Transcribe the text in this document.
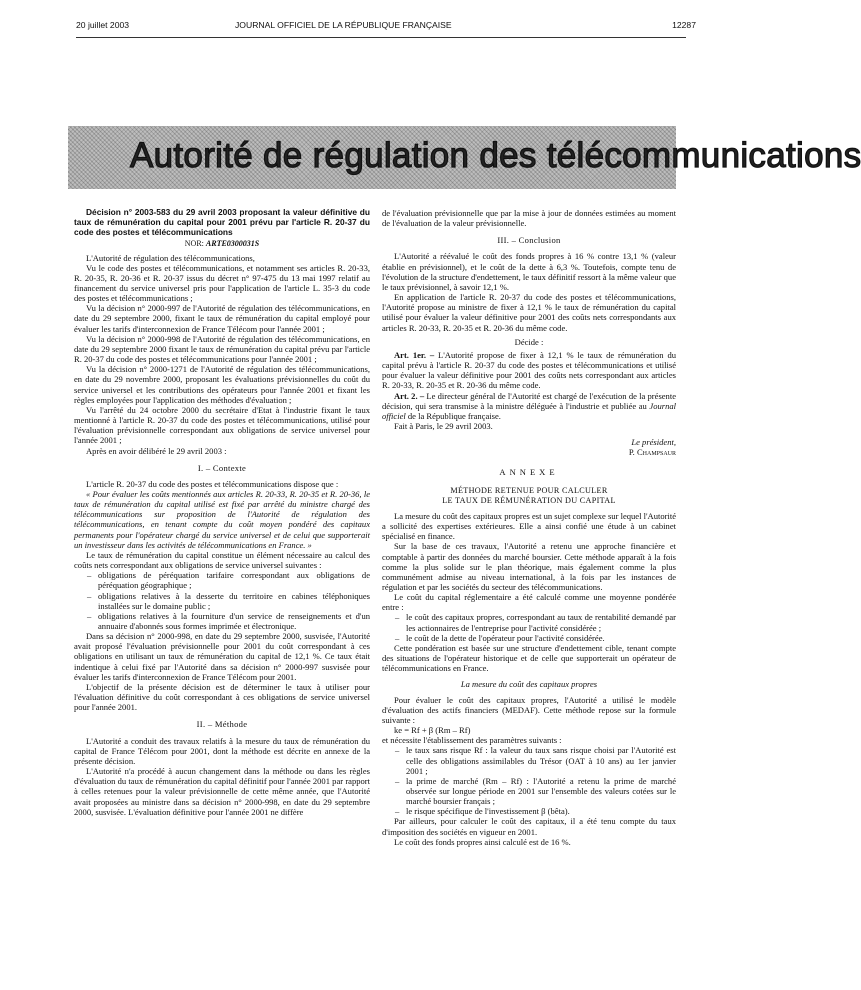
20 juillet 2003	JOURNAL OFFICIEL DE LA RÉPUBLIQUE FRANÇAISE	12287
Autorité de régulation des télécommunications

Décision n° 2003-583 du 29 avril 2003 proposant la valeur définitive du taux de rémunération du capital pour 2001 prévu par l'article R. 20-37 du code des postes et télécommunications

NOR: ARTE0300031S

L'Autorité de régulation des télécommunications,

Vu le code des postes et télécommunications, et notamment ses articles R. 20-33, R. 20-35, R. 20-36 et R. 20-37 issus du décret n° 97-475 du 13 mai 1997 relatif au financement du service universel pris pour l'application de l'article L. 35-3 du code des postes et télécommunications ;

Vu la décision n° 2000-997 de l'Autorité de régulation des télécommunications, en date du 29 septembre 2000, fixant le taux de rémunération du capital employé pour évaluer les tarifs d'interconnexion de France Télécom pour l'année 2001 ;

Vu la décision n° 2000-998 de l'Autorité de régulation des télécommunications, en date du 29 septembre 2000 fixant le taux de rémunération du capital prévu par l'article R. 20-37 du code des postes et télécommunications pour l'année 2001 ;

Vu la décision n° 2000-1271 de l'Autorité de régulation des télécommunications, en date du 29 novembre 2000, proposant les évaluations prévisionnelles du coût du service universel et les contributions des opérateurs pour l'année 2001 et fixant les règles employées pour l'application des méthodes d'évaluation ;

Vu l'arrêté du 24 octobre 2000 du secrétaire d'Etat à l'industrie fixant le taux mentionné à l'article R. 20-37 du code des postes et télécommunications, utilisé pour l'évaluation prévisionnelle correspondant aux obligations de service universel pour l'année 2001 ;

Après en avoir délibéré le 29 avril 2003 :

I. – Contexte

L'article R. 20-37 du code des postes et télécommunications dispose que :

« Pour évaluer les coûts mentionnés aux articles R. 20-33, R. 20-35 et R. 20-36, le taux de rémunération du capital utilisé est fixé par arrêté du ministre chargé des télécommunications sur proposition de l'Autorité de régulation des télécommunications, en tenant compte du coût moyen pondéré des capitaux permanents pour l'opérateur chargé du service universel et de celui que supporterait un investisseur dans les activités de télécommunications en France. »

Le taux de rémunération du capital constitue un élément nécessaire au calcul des coûts nets correspondant aux obligations de service universel suivantes :

– obligations de péréquation tarifaire correspondant aux obligations de péréquation géographique ;
– obligations relatives à la desserte du territoire en cabines téléphoniques installées sur le domaine public ;
– obligations relatives à la fourniture d'un service de renseignements et d'un annuaire d'abonnés sous formes imprimée et électronique.

Dans sa décision n° 2000-998, en date du 29 septembre 2000, susvisée, l'Autorité avait proposé l'évaluation prévisionnelle pour 2001 du coût correspondant à ces obligations en utilisant un taux de rémunération du capital de 12,1 %. Ce taux était indentique à celui fixé par l'Autorité dans sa décision n° 2000-997 susvisée pour évaluer les tarifs d'interconnexion de France Télécom pour 2001.

L'objectif de la présente décision est de déterminer le taux à utiliser pour l'évaluation définitive du coût correspondant à ces obligations de service universel pour l'année 2001.

II. – Méthode

L'Autorité a conduit des travaux relatifs à la mesure du taux de rémunération du capital de France Télécom pour 2001, dont la méthode est décrite en annexe de la présente décision.

L'Autorité n'a procédé à aucun changement dans la méthode ou dans les règles d'évaluation du taux de rémunération du capital définitif pour l'année 2001 par rapport à celles retenues pour la valeur prévisionnelle de cette même année, que l'Autorité avait proposées au ministre dans sa décision n° 2000-998, en date du 29 septembre 2000, susvisée. L'évaluation définitive pour l'année 2001 ne diffère

de l'évaluation prévisionnelle que par la mise à jour de données estimées au moment de l'évaluation de la valeur prévisionnelle.

III. – Conclusion

L'Autorité a réévalué le coût des fonds propres à 16 % contre 13,1 % (valeur établie en prévisionnel), et le coût de la dette à 6,3 %. Toutefois, compte tenu de l'évolution de la structure d'endettement, le taux définitif ressort à la même valeur que le taux prévisionnel, à savoir 12,1 %.

En application de l'article R. 20-37 du code des postes et télécommunications, l'Autorité propose au ministre de fixer à 12,1 % le taux de rémunération du capital utilisé pour évaluer la valeur définitive pour 2001 des coûts nets correspondants aux articles R. 20-33, R. 20-35 et R. 20-36 du même code.

Décide :

Art. 1er. – L'Autorité propose de fixer à 12,1 % le taux de rémunération du capital prévu à l'article R. 20-37 du code des postes et télécommunications et utilisé pour évaluer la valeur définitive pour 2001 des coûts nets correspondant aux articles R. 20-33, R. 20-35 et R. 20-36 du même code.

Art. 2. – Le directeur général de l'Autorité est chargé de l'exécution de la présente décision, qui sera transmise à la ministre déléguée à l'industrie et publiée au Journal officiel de la République française.

Fait à Paris, le 29 avril 2003.

Le président,

P. Champsaur

ANNEXE

MÉTHODE RETENUE POUR CALCULER

LE TAUX DE RÉMUNÉRATION DU CAPITAL

La mesure du coût des capitaux propres est un sujet complexe sur lequel l'Autorité a sollicité des expertises extérieures. Elle a ainsi confié une étude à un cabinet spécialisé en finance.

Sur la base de ces travaux, l'Autorité a retenu une approche financière et comptable à partir des données du marché boursier. Cette méthode apparaît à la fois comme la plus solide sur le plan théorique, mais également comme la plus communément admise au niveau international, à la fois par les instances de régulation et par les sociétés du secteur des télécommunications.

Le coût du capital réglementaire a été calculé comme une moyenne pondérée entre :

– le coût des capitaux propres, correspondant au taux de rentabilité demandé par les actionnaires de l'entreprise pour l'activité considérée ;
– le coût de la dette de l'opérateur pour l'activité considérée.

Cette pondération est basée sur une structure d'endettement cible, tenant compte des situations de l'opérateur historique et de celle que supporterait un opérateur de télécommunications en France.

La mesure du coût des capitaux propres

Pour évaluer le coût des capitaux propres, l'Autorité a utilisé le modèle d'évaluation des actifs financiers (MEDAF). Cette méthode repose sur la formule suivante :

ke = Rf + β (Rm – Rf)

et nécessite l'établissement des paramètres suivants :

– le taux sans risque Rf : la valeur du taux sans risque choisi par l'Autorité est celle des obligations assimilables du Trésor (OAT à 10 ans) au 1er janvier 2001 ;
– la prime de marché (Rm – Rf) : l'Autorité a retenu la prime de marché observée sur longue période en 2001 sur l'ensemble des valeurs cotées sur le marché boursier français ;
– le risque spécifique de l'investissement β (bêta).

Par ailleurs, pour calculer le coût des capitaux, il a été tenu compte du taux d'imposition des sociétés en vigueur en 2001.

Le coût des fonds propres ainsi calculé est de 16 %.
